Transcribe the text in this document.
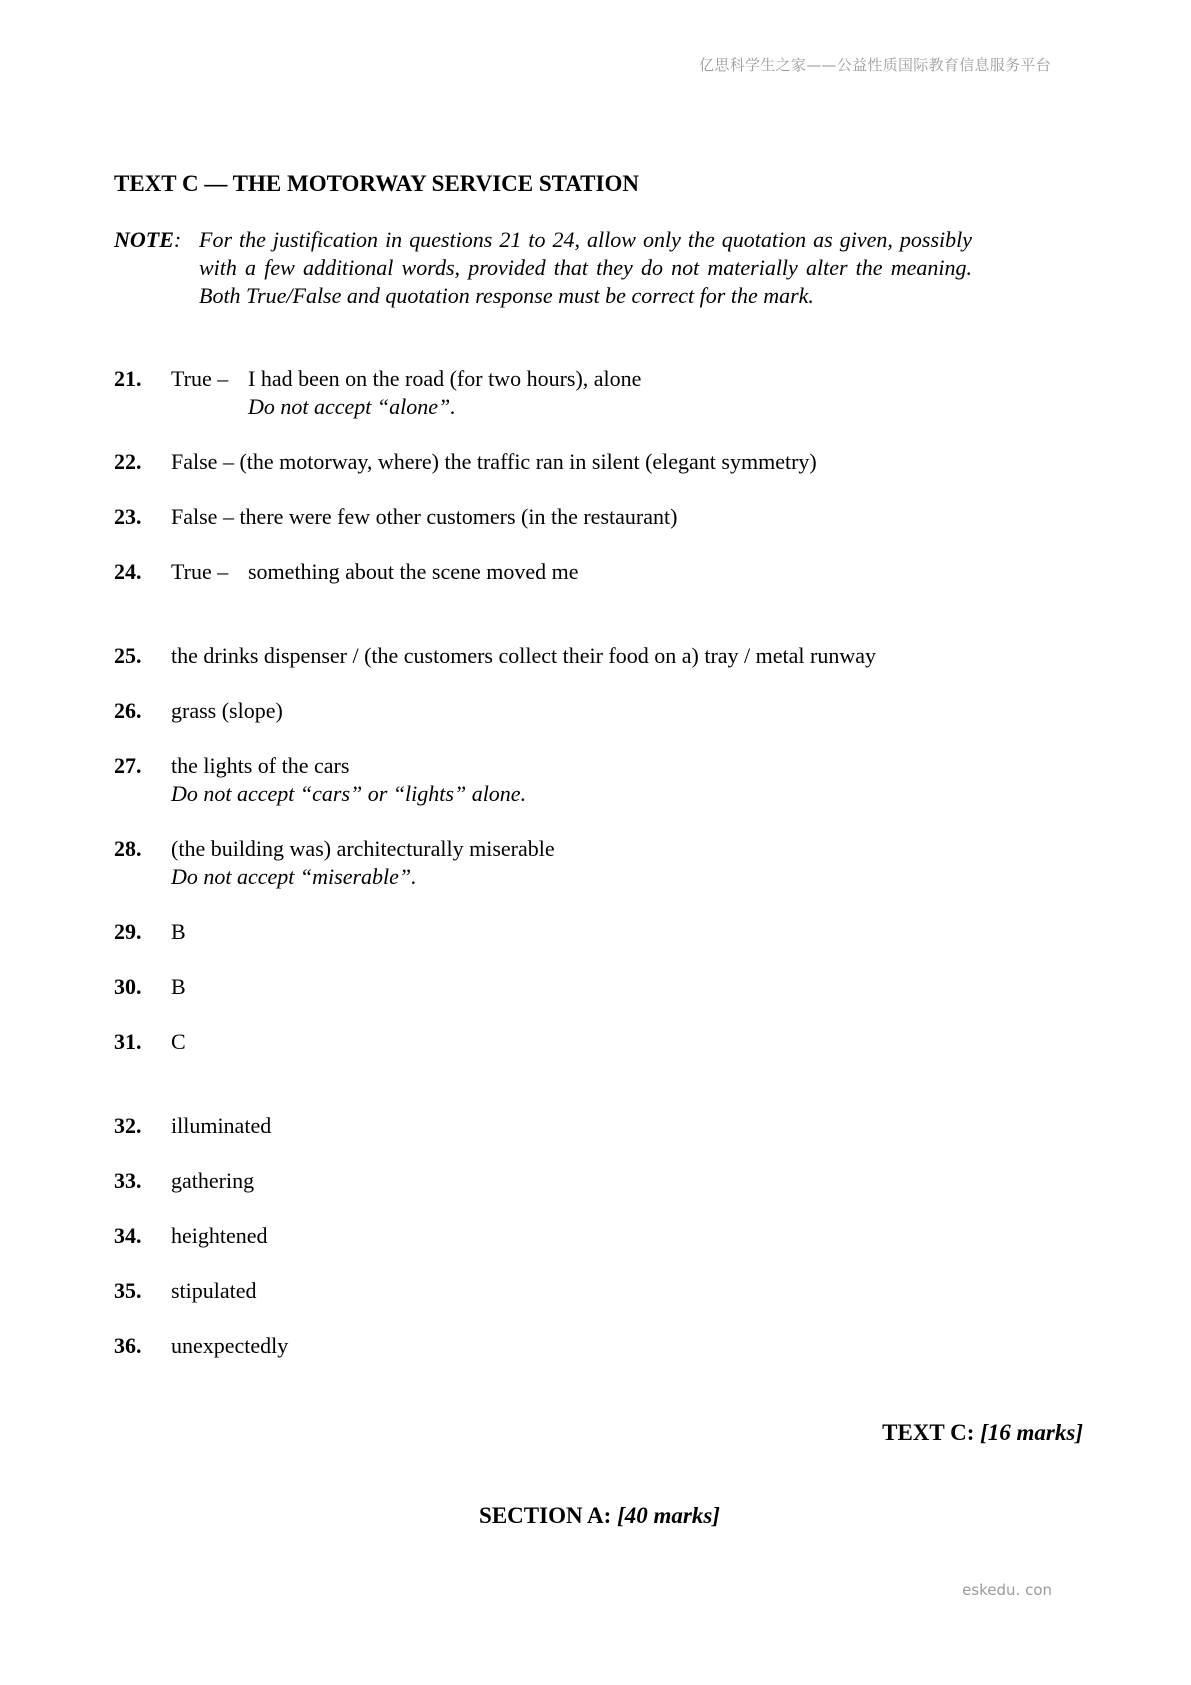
亿思科学生之家——公益性质国际教育信息服务平台
TEXT C — THE MOTORWAY SERVICE STATION
NOTE: For the justification in questions 21 to 24, allow only the quotation as given, possibly with a few additional words, provided that they do not materially alter the meaning. Both True/False and quotation response must be correct for the mark.
21.	True – I had been on the road (for two hours), alone
Do not accept “alone”.
22.	False – (the motorway, where) the traffic ran in silent (elegant symmetry)
23.	False – there were few other customers (in the restaurant)
24.	True – something about the scene moved me
25.	the drinks dispenser / (the customers collect their food on a) tray / metal runway
26.	grass (slope)
27.	the lights of the cars
Do not accept “cars” or “lights” alone.
28.	(the building was) architecturally miserable
Do not accept “miserable”.
29.	B
30.	B
31.	C
32.	illuminated
33.	gathering
34.	heightened
35.	stipulated
36.	unexpectedly
TEXT C: [16 marks]
SECTION A: [40 marks]
eskedu. con
